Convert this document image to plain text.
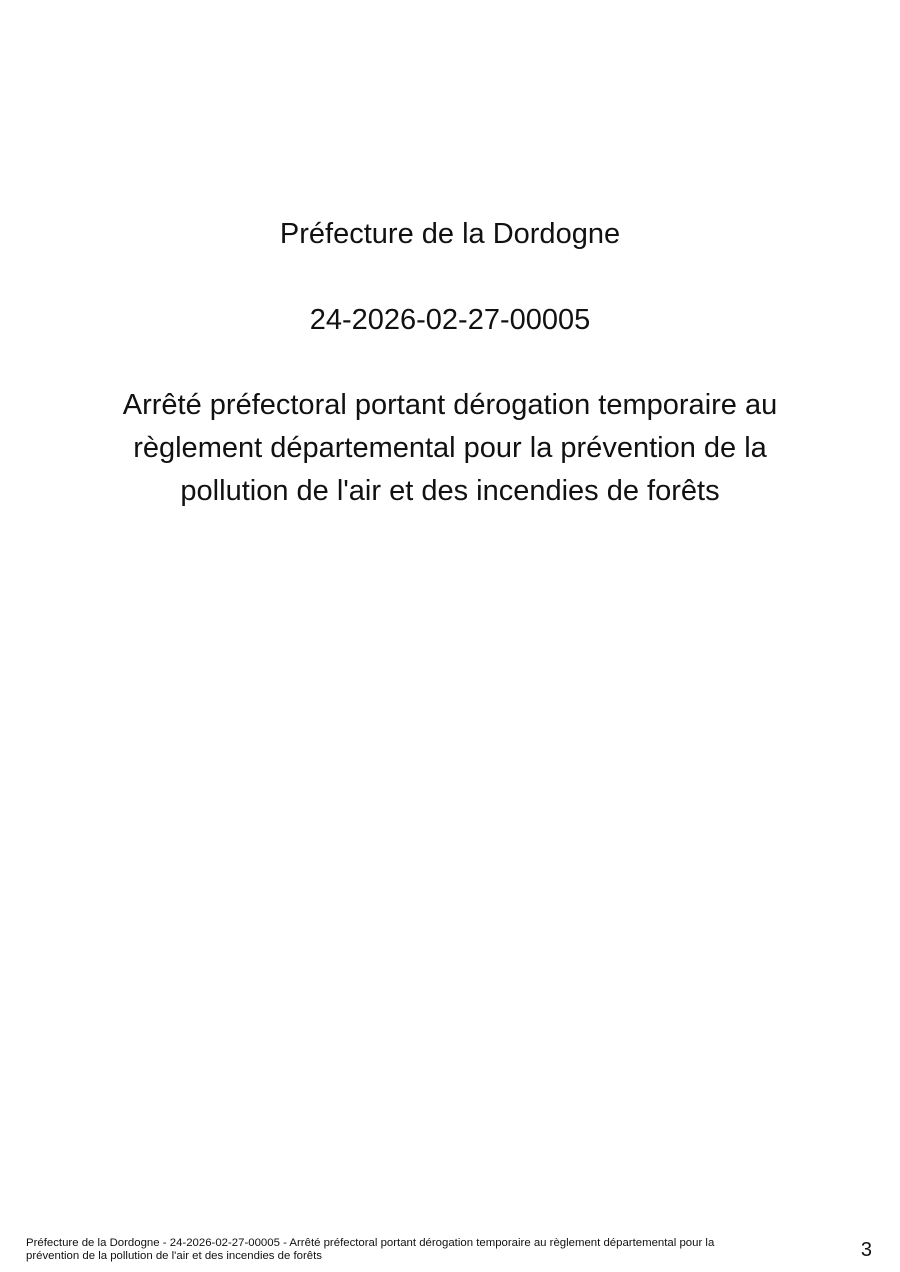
Préfecture de la Dordogne

24-2026-02-27-00005

Arrêté préfectoral portant dérogation temporaire au
règlement départemental pour la prévention de la
pollution de l'air et des incendies de forêts
Préfecture de la Dordogne - 24-2026-02-27-00005 - Arrêté préfectoral portant dérogation temporaire au règlement départemental pour la
prévention de la pollution de l'air et des incendies de forêts	3
